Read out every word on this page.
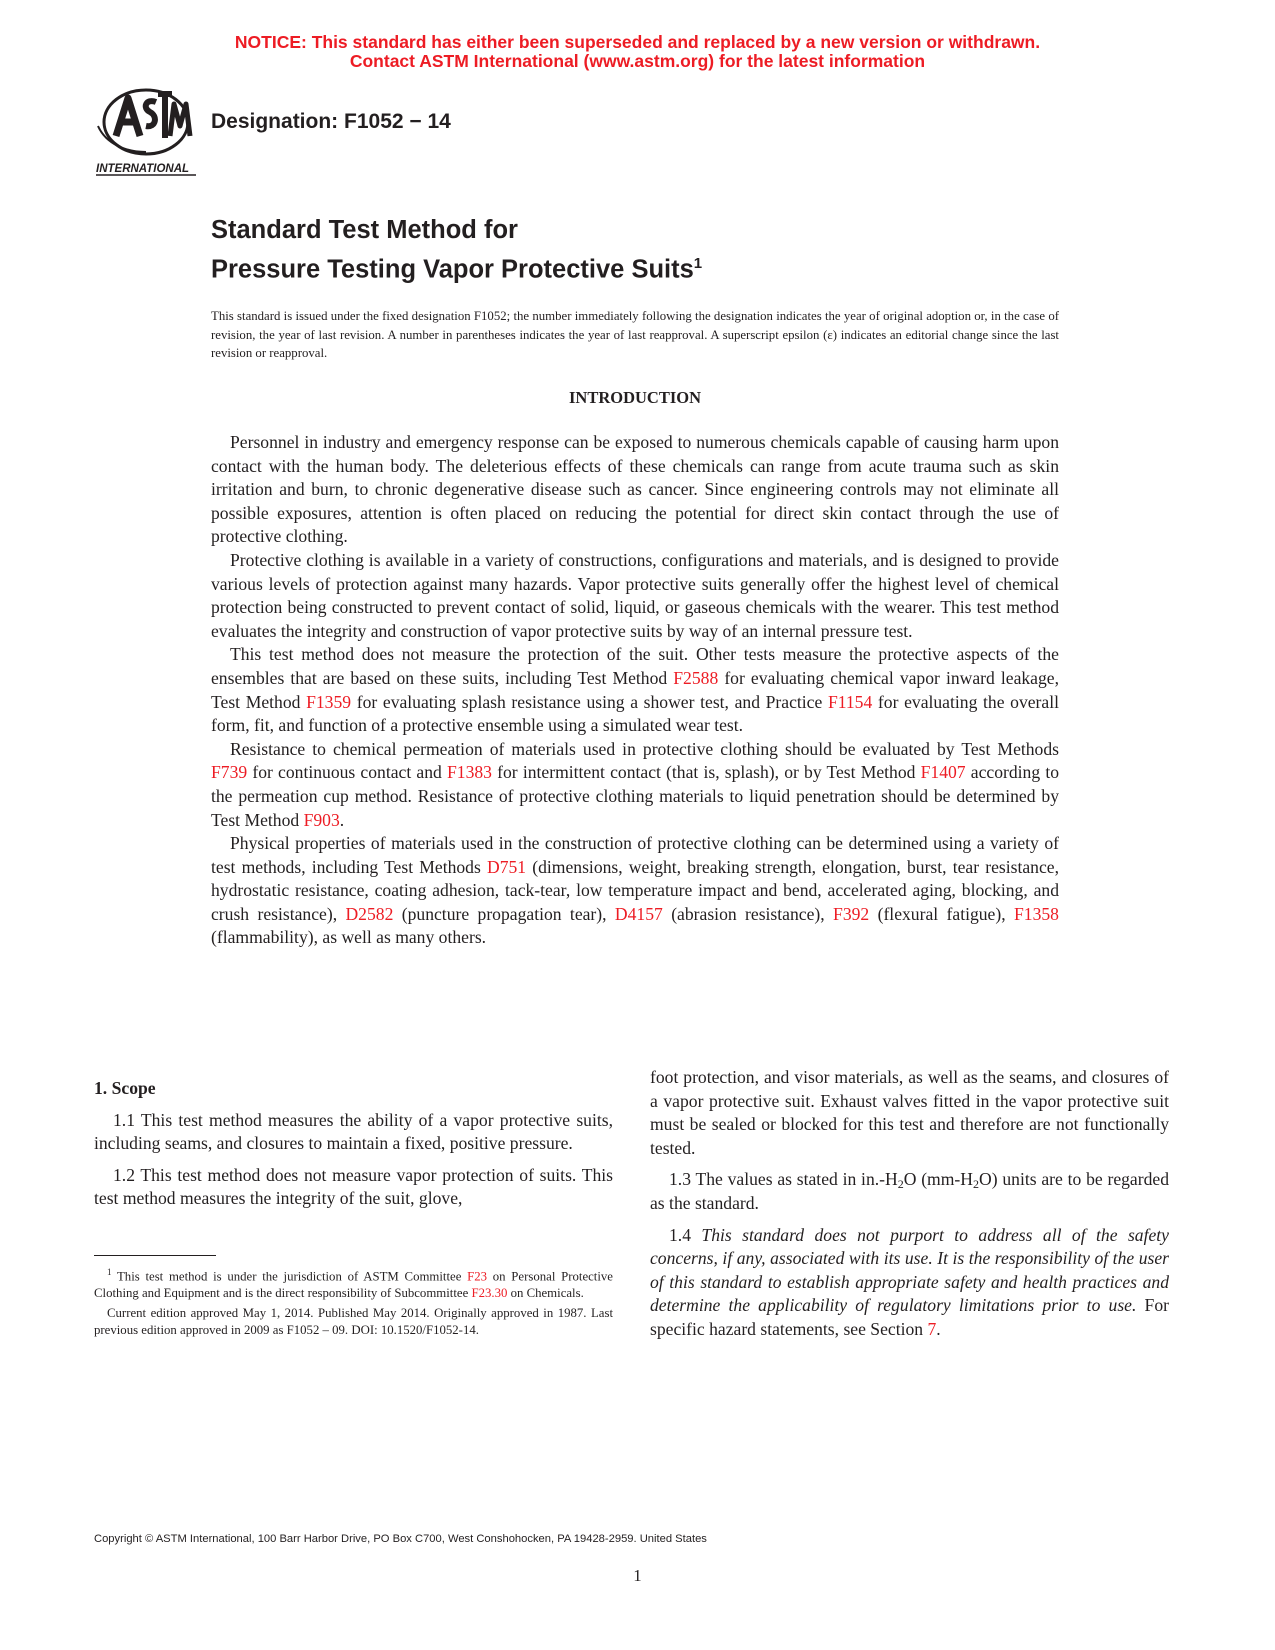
NOTICE: This standard has either been superseded and replaced by a new version or withdrawn.
Contact ASTM International (www.astm.org) for the latest information
INTERNATIONAL
Designation: F1052 − 14
Standard Test Method for
Pressure Testing Vapor Protective Suits$^1$
This standard is issued under the fixed designation F1052; the number immediately following the designation indicates the year of original adoption or, in the case of revision, the year of last revision. A number in parentheses indicates the year of last reapproval. A superscript epsilon (ε) indicates an editorial change since the last revision or reapproval.
INTRODUCTION

Personnel in industry and emergency response can be exposed to numerous chemicals capable of causing harm upon contact with the human body. The deleterious effects of these chemicals can range from acute trauma such as skin irritation and burn, to chronic degenerative disease such as cancer. Since engineering controls may not eliminate all possible exposures, attention is often placed on reducing the potential for direct skin contact through the use of protective clothing.

Protective clothing is available in a variety of constructions, configurations and materials, and is designed to provide various levels of protection against many hazards. Vapor protective suits generally offer the highest level of chemical protection being constructed to prevent contact of solid, liquid, or gaseous chemicals with the wearer. This test method evaluates the integrity and construction of vapor protective suits by way of an internal pressure test.

This test method does not measure the protection of the suit. Other tests measure the protective aspects of the ensembles that are based on these suits, including Test Method F2588 for evaluating chemical vapor inward leakage, Test Method F1359 for evaluating splash resistance using a shower test, and Practice F1154 for evaluating the overall form, fit, and function of a protective ensemble using a simulated wear test.

Resistance to chemical permeation of materials used in protective clothing should be evaluated by Test Methods F739 for continuous contact and F1383 for intermittent contact (that is, splash), or by Test Method F1407 according to the permeation cup method. Resistance of protective clothing materials to liquid penetration should be determined by Test Method F903.

Physical properties of materials used in the construction of protective clothing can be determined using a variety of test methods, including Test Methods D751 (dimensions, weight, breaking strength, elongation, burst, tear resistance, hydrostatic resistance, coating adhesion, tack-tear, low temperature impact and bend, accelerated aging, blocking, and crush resistance), D2582 (puncture propagation tear), D4157 (abrasion resistance), F392 (flexural fatigue), F1358 (flammability), as well as many others.

1. Scope

1.1 This test method measures the ability of a vapor protective suits, including seams, and closures to maintain a fixed, positive pressure.

1.2 This test method does not measure vapor protection of suits. This test method measures the integrity of the suit, glove,

$^1$ This test method is under the jurisdiction of ASTM Committee F23 on Personal Protective Clothing and Equipment and is the direct responsibility of Subcommittee F23.30 on Chemicals.

Current edition approved May 1, 2014. Published May 2014. Originally approved in 1987. Last previous edition approved in 2009 as F1052 – 09. DOI: 10.1520/F1052-14.

foot protection, and visor materials, as well as the seams, and closures of a vapor protective suit. Exhaust valves fitted in the vapor protective suit must be sealed or blocked for this test and therefore are not functionally tested.

1.3 The values as stated in $in.-H_2O$ $(mm-H_2O)$ units are to be regarded as the standard.

1.4 This standard does not purport to address all of the safety concerns, if any, associated with its use. It is the responsibility of the user of this standard to establish appropriate safety and health practices and determine the applicability of regulatory limitations prior to use. For specific hazard statements, see Section 7.

Copyright © ASTM International, 100 Barr Harbor Drive, PO Box C700, West Conshohocken, PA 19428-2959. United States
1
